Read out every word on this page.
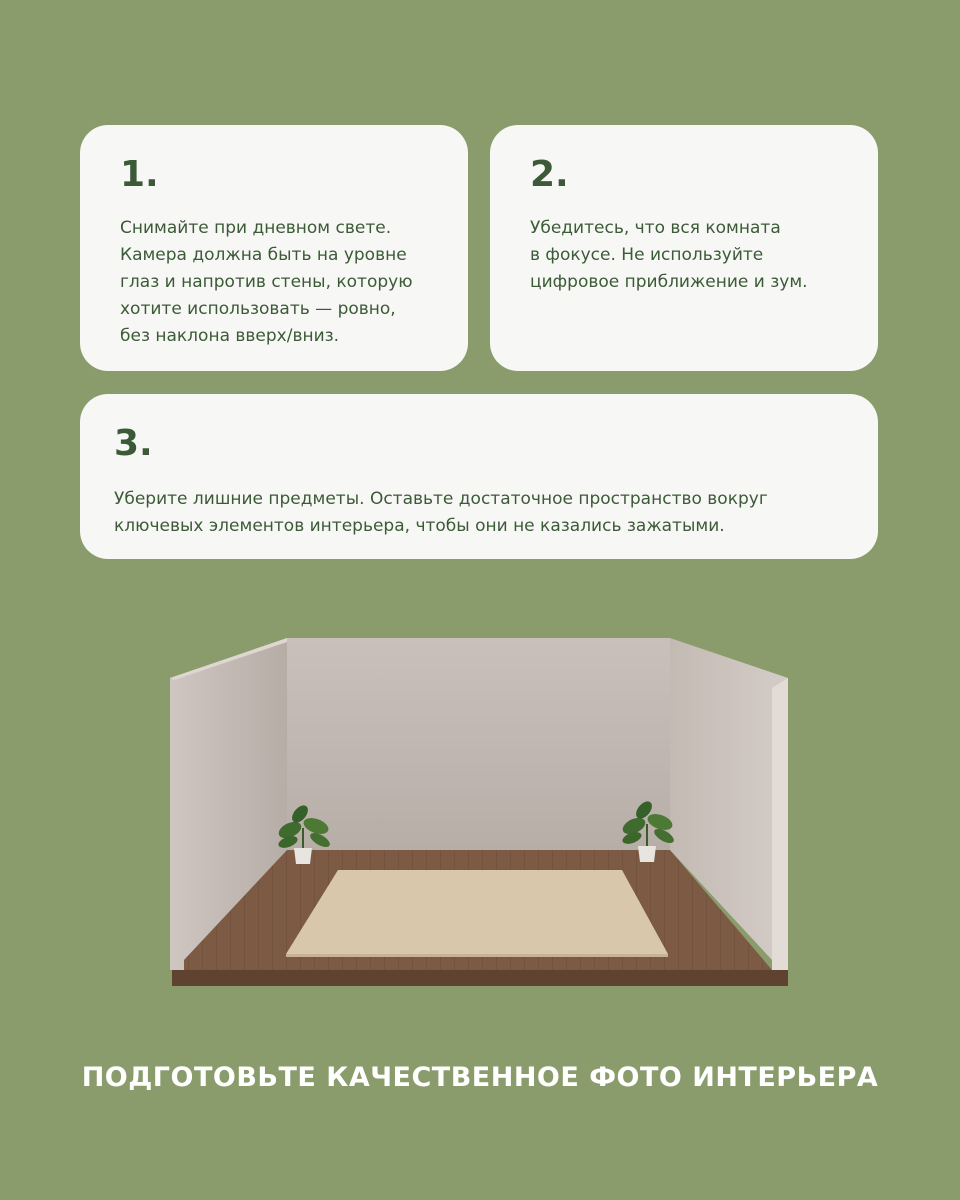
1.
Снимайте при дневном свете.
Камера должна быть на уровне
глаз и напротив стены, которую
хотите использовать — ровно,
без наклона вверх/вниз.
2.
Убедитесь, что вся комната
в фокусе. Не используйте
цифровое приближение и зум.
3.
Уберите лишние предметы. Оставьте достаточное пространство вокруг
ключевых элементов интерьера, чтобы они не казались зажатыми.
ПОДГОТОВЬТЕ КАЧЕСТВЕННОЕ ФОТО ИНТЕРЬЕРА
